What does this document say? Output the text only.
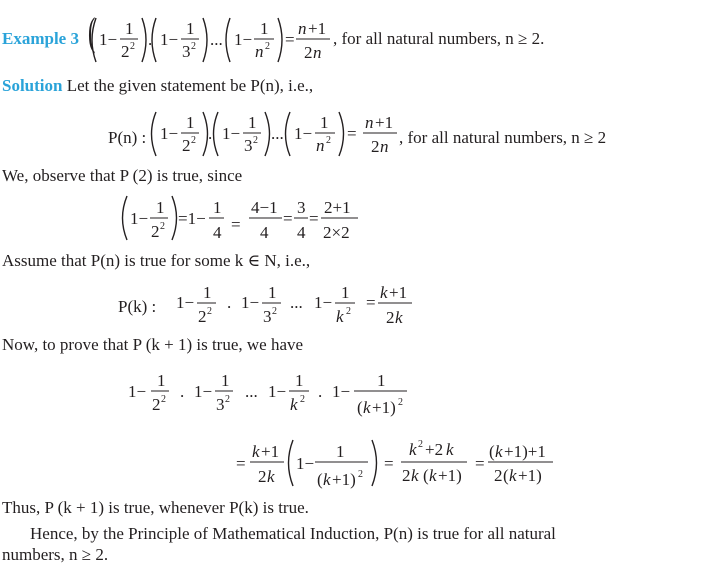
Example 3 ( 1−
1
2 2 . 1−
1
3 2 ... 1−
1
n 2 =
n +1
2 n
, for all natural numbers, n ≥ 2.
Solution Let the given statement be P(n), i.e.,
P(n) : 1−
1
2 2 . 1−
1
3 2 ... 1−
1
n 2 =
n +1
2 n , for all natural numbers, n ≥ 2
We, observe that P (2) is true, since
1−
1
2 2 =1−
1
4 =
4−1
4
=
3
4
=
2+1
2×2
Assume that P(n) is true for some k ∈ N, i.e.,
P(k) : 1−
1
2 2 . 1−
1
3 2 ... 1−
1
k 2 =
k +1
2 k
Now, to prove that P (k + 1) is true, we have
1−
1
2 2 . 1−
1
3 2 ... 1−
1
k 2 . 1−
1
( k +1) 2
=
k +1
2 k
1−
1
( k +1) 2
=
k 2 +2 k
2 k ( k +1)
=
( k +1)+1
2 ( k +1)
Thus, P (k + 1) is true, whenever P(k) is true.
Hence, by the Principle of Mathematical Induction, P(n) is true for all natural
numbers, n ≥ 2.
